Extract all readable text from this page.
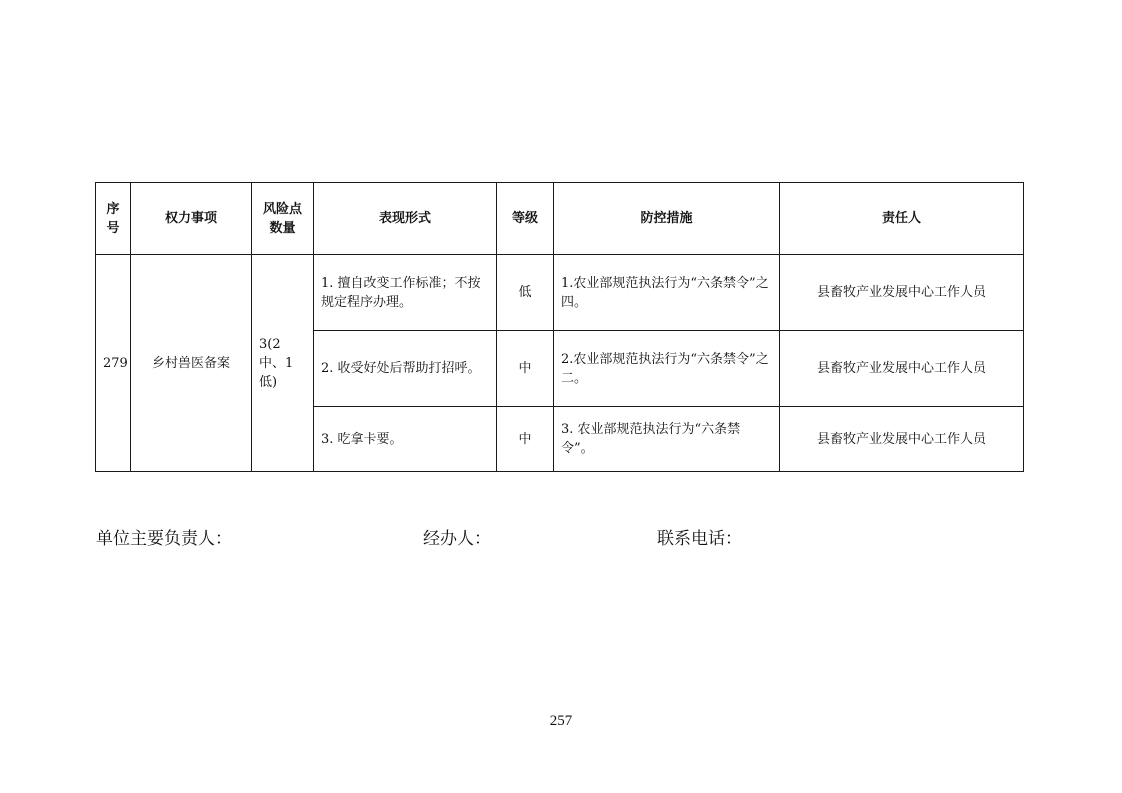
序号	权力事项	风险点数量	表现形式	等级	防控措施	责任人
279	乡村兽医备案	3(2 中、1 低)	1. 擅自改变工作标准；不按规定程序办理。	低	1.农业部规范执法行为“六条禁令”之四。	县畜牧产业发展中心工作人员
			2. 收受好处后帮助打招呼。	中	2.农业部规范执法行为“六条禁令”之二。	县畜牧产业发展中心工作人员
			3. 吃拿卡要。	中	3. 农业部规范执法行为“六条禁令”。	县畜牧产业发展中心工作人员
单位主要负责人：	经办人：	联系电话：
257
